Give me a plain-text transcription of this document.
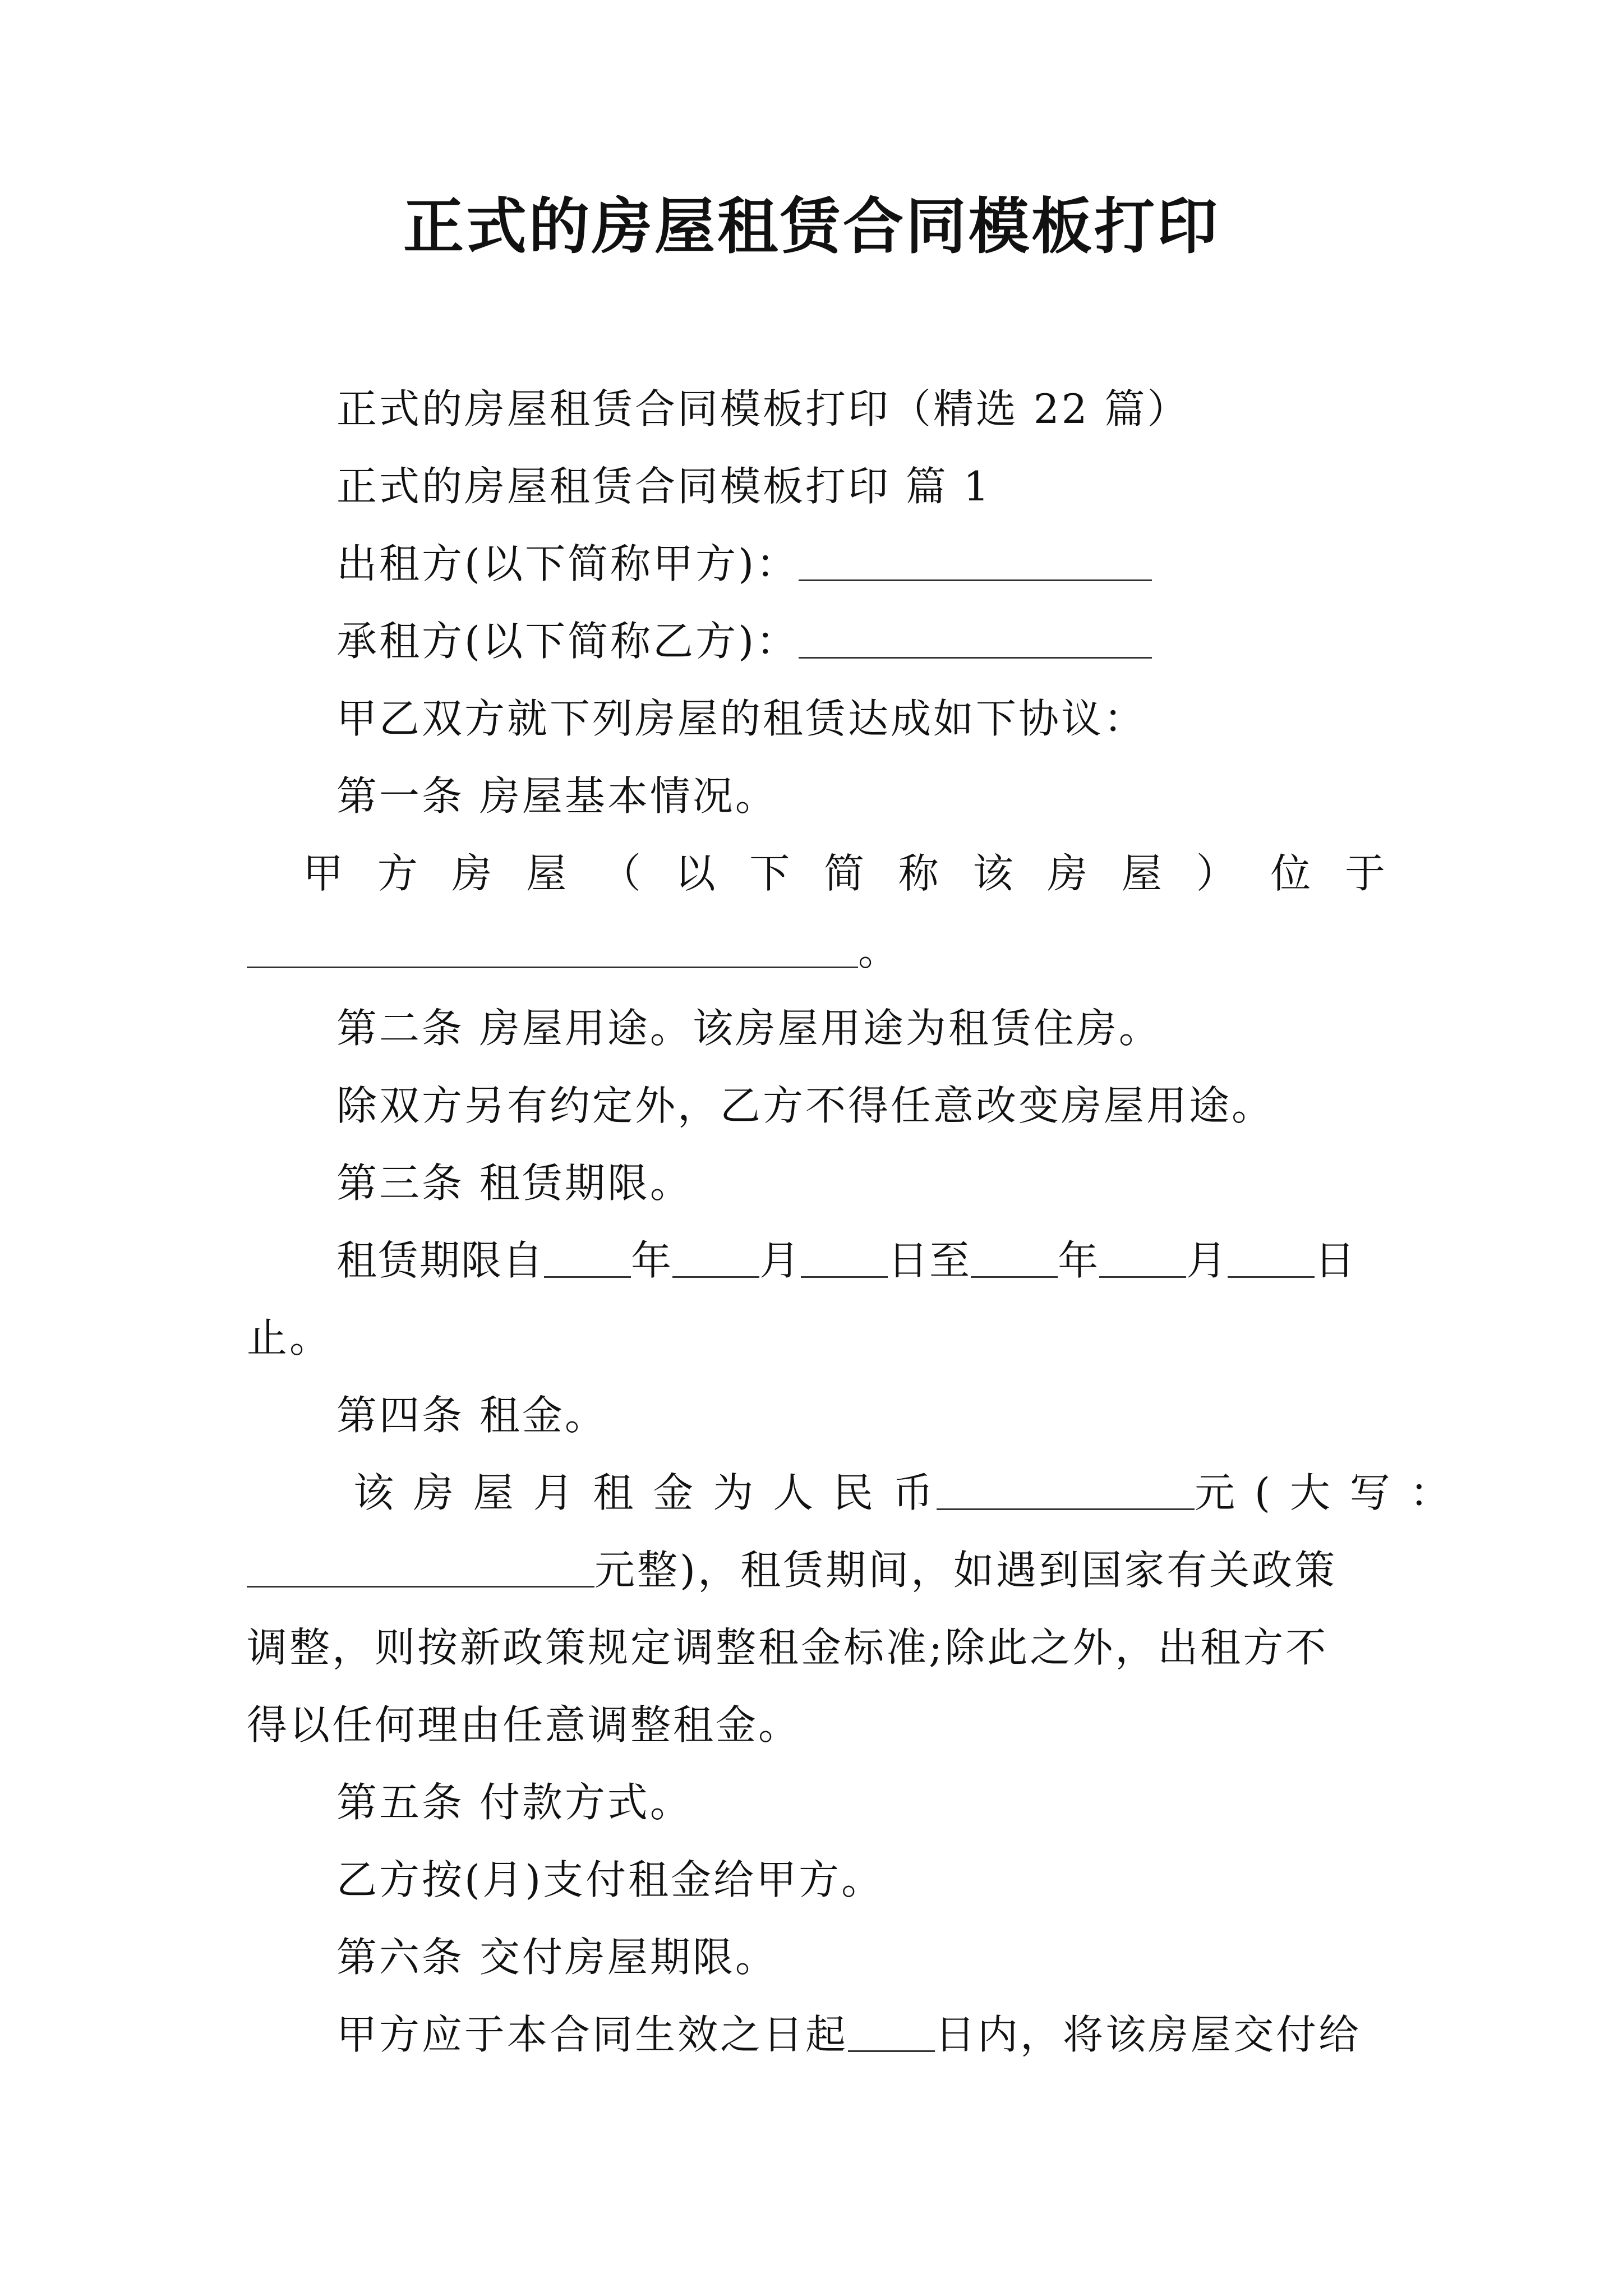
正式的房屋租赁合同模板打印

正式的房屋租赁合同模板打印（精选 22 篇）

正式的房屋租赁合同模板打印 篇 1

出租方(以下简称甲方)：

承租方(以下简称乙方)：

甲乙双方就下列房屋的租赁达成如下协议：

第一条 房屋基本情况。

甲 方 房 屋 （ 以 下 简 称 该 房 屋 ） 位 于

。

第二条 房屋用途。该房屋用途为租赁住房。

除双方另有约定外，乙方不得任意改变房屋用途。

第三条 租赁期限。

租赁期限自 年 月 日至 年 月 日

止。

第四条 租金。

该 房 屋 月 租 金 为 人 民 币	元 ( 大 写 ：

元整)，租赁期间，如遇到国家有关政策

调整，则按新政策规定调整租金标准;除此之外，出租方不

得以任何理由任意调整租金。

第五条 付款方式。

乙方按(月)支付租金给甲方。

第六条 交付房屋期限。

甲方应于本合同生效之日起 日内，将该房屋交付给
